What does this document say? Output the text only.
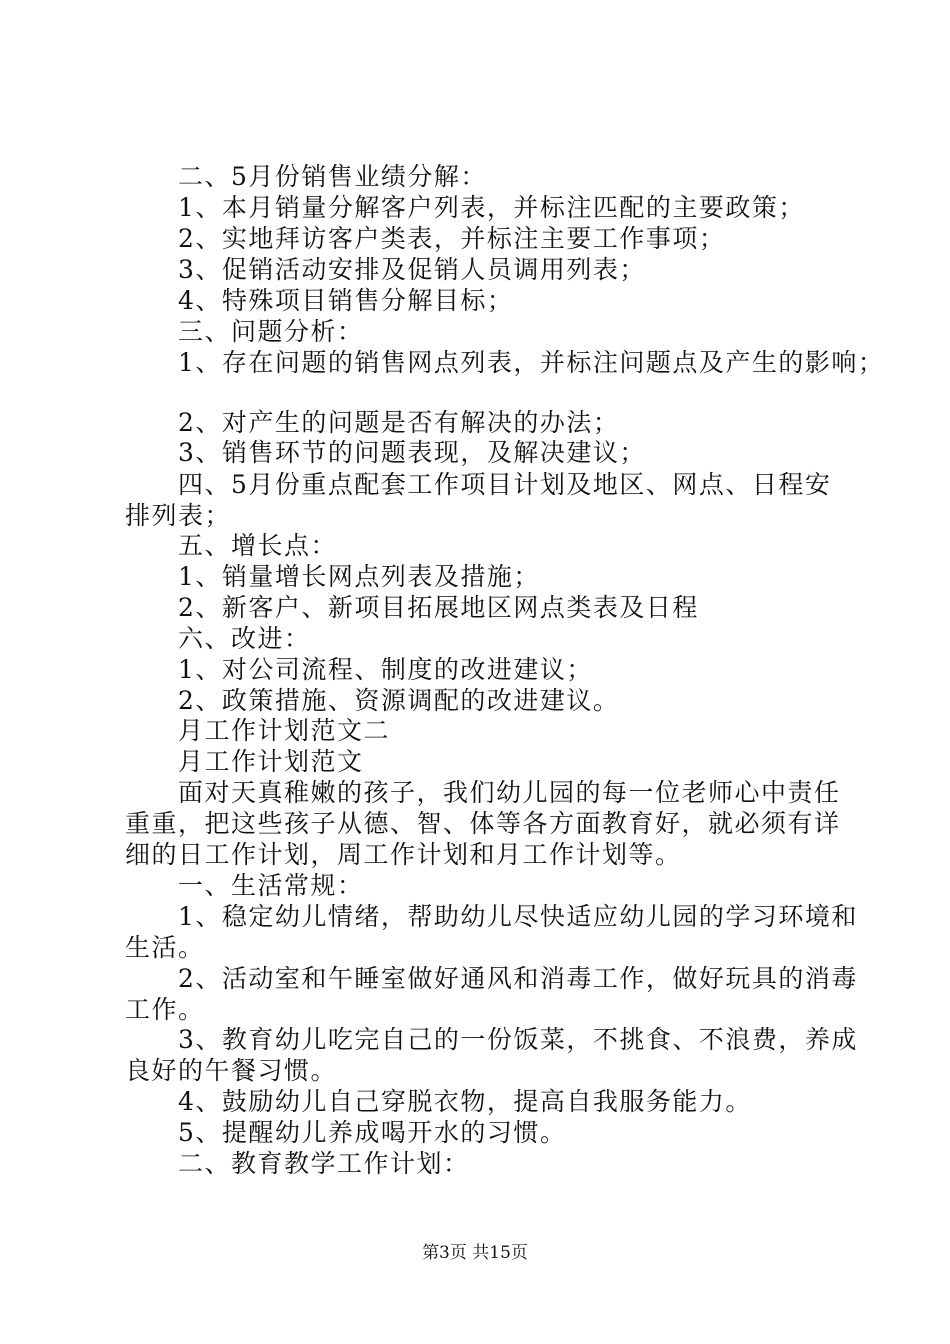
二、5月份销售业绩分解：
1、本月销量分解客户列表，并标注匹配的主要政策；
2、实地拜访客户类表，并标注主要工作事项；
3、促销活动安排及促销人员调用列表；
4、特殊项目销售分解目标；
三、问题分析：
1、存在问题的销售网点列表，并标注问题点及产生的影响；
2、对产生的问题是否有解决的办法；
3、销售环节的问题表现，及解决建议；
四、5月份重点配套工作项目计划及地区、网点、日程安
排列表；
五、增长点：
1、销量增长网点列表及措施；
2、新客户、新项目拓展地区网点类表及日程
六、改进：
1、对公司流程、制度的改进建议；
2、政策措施、资源调配的改进建议。
月工作计划范文二
月工作计划范文
面对天真稚嫩的孩子，我们幼儿园的每一位老师心中责任
重重，把这些孩子从德、智、体等各方面教育好，就必须有详
细的日工作计划，周工作计划和月工作计划等。
一、生活常规：
1、稳定幼儿情绪，帮助幼儿尽快适应幼儿园的学习环境和
生活。
2、活动室和午睡室做好通风和消毒工作，做好玩具的消毒
工作。
3、教育幼儿吃完自己的一份饭菜，不挑食、不浪费，养成
良好的午餐习惯。
4、鼓励幼儿自己穿脱衣物，提高自我服务能力。
5、提醒幼儿养成喝开水的习惯。
二、教育教学工作计划：
第3页 共15页
